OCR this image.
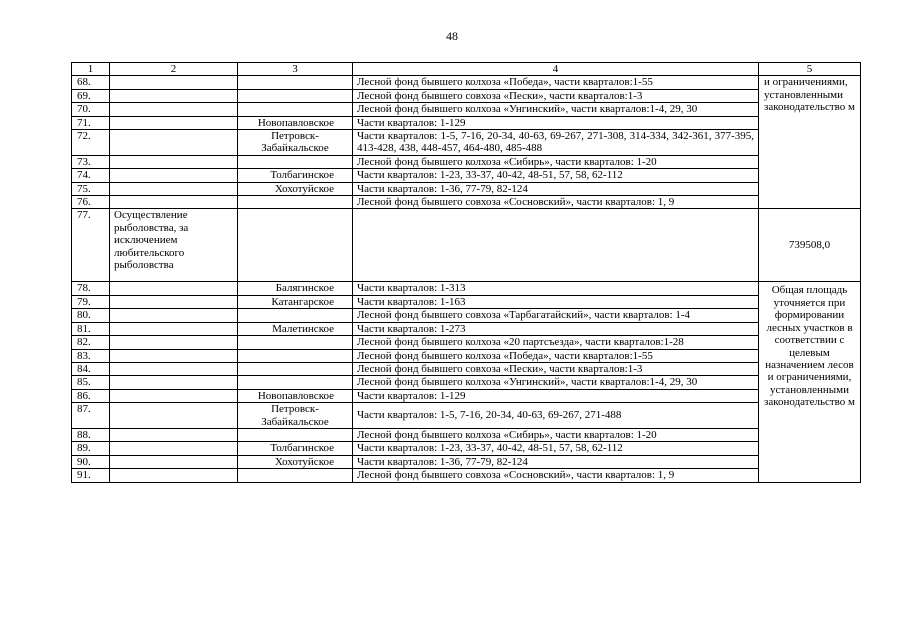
48
1	2	3	4	5
68.			Лесной фонд бывшего колхоза «Победа», части кварталов:1-55	и ограничениями, установленными законодательство м
69.			Лесной фонд бывшего совхоза «Пески», части кварталов:1-3	
70.			Лесной фонд бывшего колхоза «Унгинский», части кварталов:1-4, 29, 30	
71.		Новопавловское	Части кварталов: 1-129	
72.		Петровск-Забайкальское	Части кварталов: 1-5, 7-16, 20-34, 40-63, 69-267, 271-308, 314-334, 342-361, 377-395, 413-428, 438, 448-457, 464-480, 485-488	
73.			Лесной фонд бывшего колхоза «Сибирь», части кварталов: 1-20	
74.		Толбагинское	Части кварталов: 1-23, 33-37, 40-42, 48-51, 57, 58, 62-112	
75.		Хохотуйское	Части кварталов: 1-36, 77-79, 82-124	
76.			Лесной фонд бывшего совхоза «Сосновский», части кварталов: 1, 9	
77.	Осуществление рыболовства, за исключением любительского рыболовства			739508,0
78.		Балягинское	Части кварталов: 1-313	Общая площадь уточняется при формировании лесных участков в соответствии с целевым назначением лесов и ограничениями, установленными законодательство м
79.		Катангарское	Части кварталов: 1-163	
80.			Лесной фонд бывшего совхоза «Тарбагатайский», части кварталов: 1-4	
81.		Малетинское	Части кварталов: 1-273	
82.			Лесной фонд бывшего колхоза «20 партсъезда», части кварталов:1-28	
83.			Лесной фонд бывшего колхоза «Победа», части кварталов:1-55	
84.			Лесной фонд бывшего совхоза «Пески», части кварталов:1-3	
85.			Лесной фонд бывшего колхоза «Унгинский», части кварталов:1-4, 29, 30	
86.		Новопавловское	Части кварталов: 1-129	
87.		Петровск-Забайкальское	Части кварталов: 1-5, 7-16, 20-34, 40-63, 69-267, 271-488	
88.			Лесной фонд бывшего колхоза «Сибирь», части кварталов: 1-20	
89.		Толбагинское	Части кварталов: 1-23, 33-37, 40-42, 48-51, 57, 58, 62-112	
90.		Хохотуйское	Части кварталов: 1-36, 77-79, 82-124	
91.			Лесной фонд бывшего совхоза «Сосновский», части кварталов: 1, 9	
